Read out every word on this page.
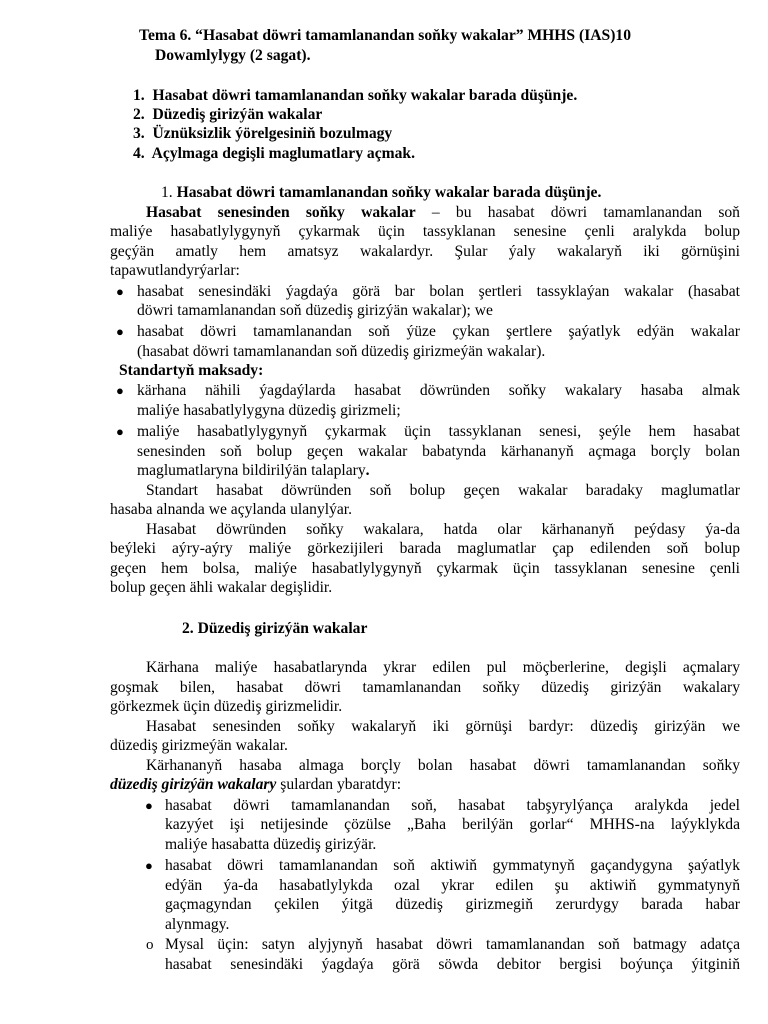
Tema 6. “Hasabat döwri tamamlanandan soňky wakalar” MHHS (IAS)10
Dowamlylygy (2 sagat).
1. Hasabat döwri tamamlanandan soňky wakalar barada düşünje.
2. Düzediş girizýän wakalar
3. Üznüksizlik ýörelgesiniň bozulmagy
4.  Açylmaga degişli maglumatlary açmak.
1. Hasabat döwri tamamlanandan soňky wakalar barada düşünje.
Hasabat senesinden soňky wakalar – bu hasabat döwri tamamlanandan soň
maliýe hasabatlylygynyň çykarmak üçin tassyklanan senesine çenli aralykda bolup
geçýän amatly hem amatsyz wakalardyr. Şular ýaly wakalaryň iki görnüşini
tapawutlandyrýarlar:
● hasabat senesindäki ýagdaýa görä bar bolan şertleri tassyklaýan wakalar (hasabat
döwri tamamlanandan soň düzediş girizýän wakalar); we
● hasabat döwri tamamlanandan soň ýüze çykan şertlere şaýatlyk edýän wakalar
(hasabat döwri tamamlanandan soň düzediş girizmeýän wakalar).
Standartyň maksady:
● kärhana nähili ýagdaýlarda hasabat döwründen soňky wakalary hasaba almak
maliýe hasabatlylygyna düzediş girizmeli;
● maliýe hasabatlylygynyň çykarmak üçin tassyklanan senesi, şeýle hem hasabat
senesinden soň bolup geçen wakalar babatynda kärhananyň açmaga borçly bolan
maglumatlaryna bildirilýän talaplary.
Standart hasabat döwründen soň bolup geçen wakalar baradaky maglumatlar
hasaba alnanda we açylanda ulanylýar.
Hasabat döwründen soňky wakalara, hatda olar kärhananyň peýdasy ýa-da
beýleki aýry-aýry maliýe görkezijileri barada maglumatlar çap edilenden soň bolup
geçen hem bolsa, maliýe hasabatlylygynyň çykarmak üçin tassyklanan senesine çenli
bolup geçen ähli wakalar degişlidir.
2. Düzediş girizýän wakalar
Kärhana maliýe hasabatlarynda ykrar edilen pul möçberlerine, degişli açmalary
goşmak bilen, hasabat döwri tamamlanandan soňky düzediş girizýän wakalary
görkezmek üçin düzediş girizmelidir.
Hasabat senesinden soňky wakalaryň iki görnüşi bardyr: düzediş girizýän we
düzediş girizmeýän wakalar.
Kärhananyň hasaba almaga borçly bolan hasabat döwri tamamlanandan soňky
düzediş girizýän wakalary şulardan ybaratdyr:
● hasabat döwri tamamlanandan soň, hasabat tabşyrylýança aralykda jedel
kazyýet işi netijesinde çözülse „Baha berilýän gorlar“ MHHS-na laýyklykda
maliýe hasabatta düzediş girizýär.
● hasabat döwri tamamlanandan soň aktiwiň gymmatynyň gaçandygyna şaýatlyk
edýän ýa-da hasabatlylykda ozal ykrar edilen şu aktiwiň gymmatynyň
gaçmagyndan çekilen ýitgä düzediş girizmegiň zerurdygy barada habar
alynmagy.
o Mysal üçin: satyn alyjynyň hasabat döwri tamamlanandan soň batmagy adatça
hasabat senesindäki ýagdaýa görä söwda debitor bergisi boýunça ýitginiň
